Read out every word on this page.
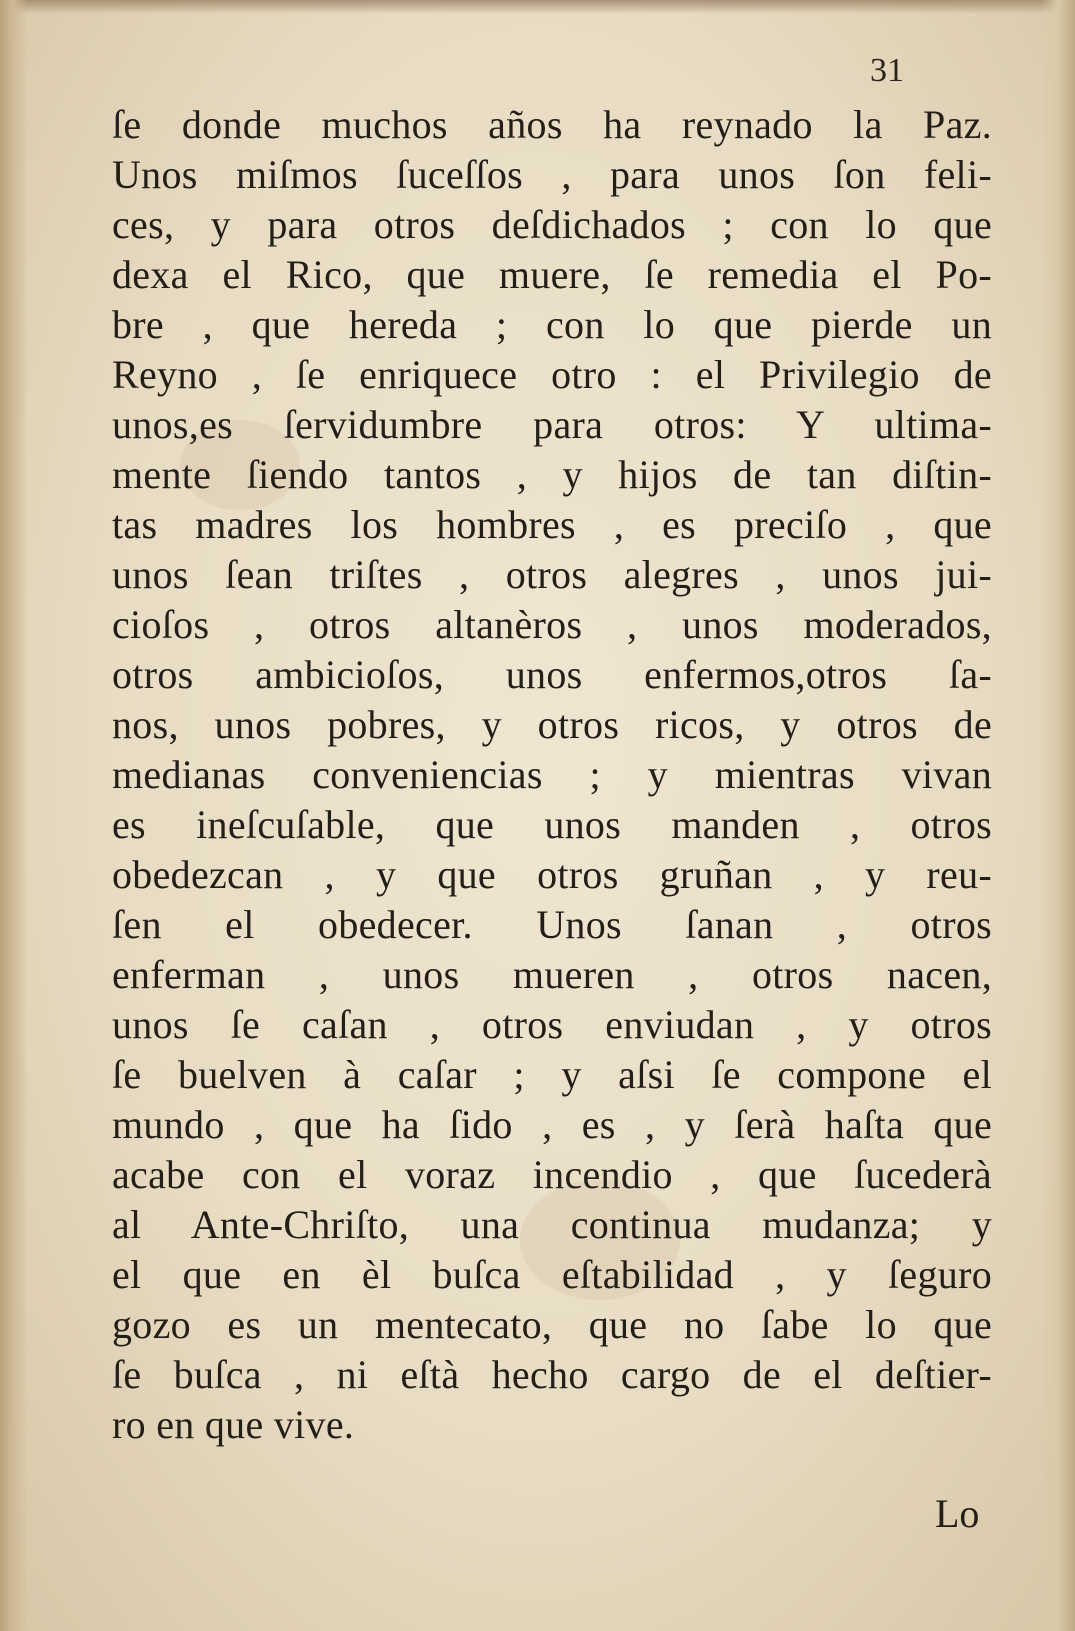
31
ſe donde muchos años ha reynado la Paz.
Unos miſmos ſuceſſos , para unos ſon feli-
ces, y para otros deſdichados ; con lo que
dexa el Rico, que muere, ſe remedia el Po-
bre , que hereda ; con lo que pierde un
Reyno , ſe enriquece otro : el Privilegio de
unos,es ſervidumbre para otros: Y ultima-
mente ſiendo tantos , y hijos de tan diſtin-
tas madres los hombres , es preciſo , que
unos ſean triſtes , otros alegres , unos jui-
cioſos , otros altanèros , unos moderados,
otros ambicioſos, unos enfermos,otros ſa-
nos, unos pobres, y otros ricos, y otros de
medianas conveniencias ; y mientras vivan
es ineſcuſable, que unos manden , otros
obedezcan , y que otros gruñan , y reu-
ſen el obedecer. Unos ſanan , otros
enferman , unos mueren , otros nacen,
unos ſe caſan , otros enviudan , y otros
ſe buelven à caſar ; y aſsi ſe compone el
mundo , que ha ſido , es , y ſerà haſta que
acabe con el voraz incendio , que ſucederà
al Ante-Chriſto, una continua mudanza; y
el que en èl buſca eſtabilidad , y ſeguro
gozo es un mentecato, que no ſabe lo que
ſe buſca , ni eſtà hecho cargo de el deſtier-
ro en que vive.
Lo
